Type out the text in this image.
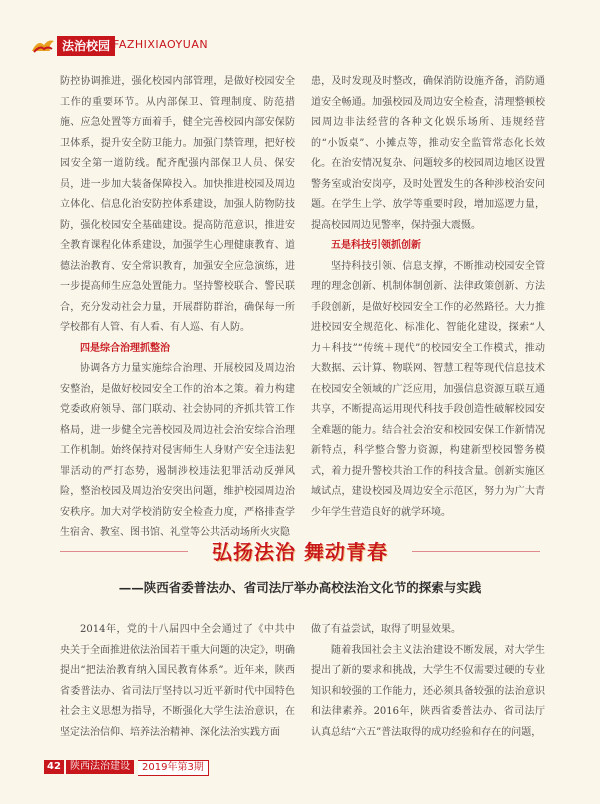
法治校园 FAZHIXIAOYUAN

防控协调推进，强化校园内部管理，是做好校园安全工作的重要环节。从内部保卫、管理制度、防范措施、应急处置等方面着手，健全完善校园内部安保防卫体系，提升安全防卫能力。加强门禁管理，把好校园安全第一道防线。配齐配强内部保卫人员、保安员，进一步加大装备保障投入。加快推进校园及周边立体化、信息化治安防控体系建设，加强人防物防技防，强化校园安全基础建设。提高防范意识，推进安全教育课程化体系建设，加强学生心理健康教育、道德法治教育、安全常识教育，加强安全应急演练，进一步提高师生应急处置能力。坚持警校联合、警民联合，充分发动社会力量，开展群防群治，确保每一所学校都有人管、有人看、有人巡、有人防。

四是综合治理抓整治

协调各方力量实施综合治理、开展校园及周边治安整治，是做好校园安全工作的治本之策。着力构建党委政府领导、部门联动、社会协同的齐抓共管工作格局，进一步健全完善校园及周边社会治安综合治理工作机制。始终保持对侵害师生人身财产安全违法犯罪活动的严打态势，遏制涉校违法犯罪活动反弹风险，整治校园及周边治安突出问题，维护校园周边治安秩序。加大对学校消防安全检查力度，严格排查学生宿舍、教室、图书馆、礼堂等公共活动场所火灾隐

患，及时发现及时整改，确保消防设施齐备，消防通道安全畅通。加强校园及周边安全检查，清理整顿校园周边非法经营的各种文化娱乐场所、违规经营的“小饭桌”、小摊点等，推动安全监管常态化长效化。在治安情况复杂、问题较多的校园周边地区设置警务室或治安岗亭，及时处置发生的各种涉校治安问题。在学生上学、放学等重要时段，增加巡逻力量，提高校园周边见警率，保持强大震慑。

五是科技引领抓创新

坚持科技引领、信息支撑，不断推动校园安全管理的理念创新、机制体制创新、法律政策创新、方法手段创新，是做好校园安全工作的必然路径。大力推进校园安全规范化、标准化、智能化建设，探索“人力＋科技”“传统＋现代”的校园安全工作模式，推动大数据、云计算、物联网、智慧工程等现代信息技术在校园安全领域的广泛应用，加强信息资源互联互通共享，不断提高运用现代科技手段创造性破解校园安全难题的能力。结合社会治安和校园安保工作新情况新特点，科学整合警力资源，构建新型校园警务模式，着力提升警校共治工作的科技含量。创新实施区域试点，建设校园及周边安全示范区，努力为广大青少年学生营造良好的就学环境。

弘扬法治 舞动青春
——陕西省委普法办、省司法厅举办高校法治文化节的探索与实践

2014年，党的十八届四中全会通过了《中共中央关于全面推进依法治国若干重大问题的决定》，明确提出“把法治教育纳入国民教育体系”。近年来，陕西省委普法办、省司法厅坚持以习近平新时代中国特色社会主义思想为指导，不断强化大学生法治意识，在坚定法治信仰、培养法治精神、深化法治实践方面

做了有益尝试，取得了明显效果。

随着我国社会主义法治建设不断发展，对大学生提出了新的要求和挑战，大学生不仅需要过硬的专业知识和较强的工作能力，还必须具备较强的法治意识和法律素养。2016年，陕西省委普法办、省司法厅认真总结“六五”普法取得的成功经验和存在的问题，

42 陕西法治建设	2019年第3期
